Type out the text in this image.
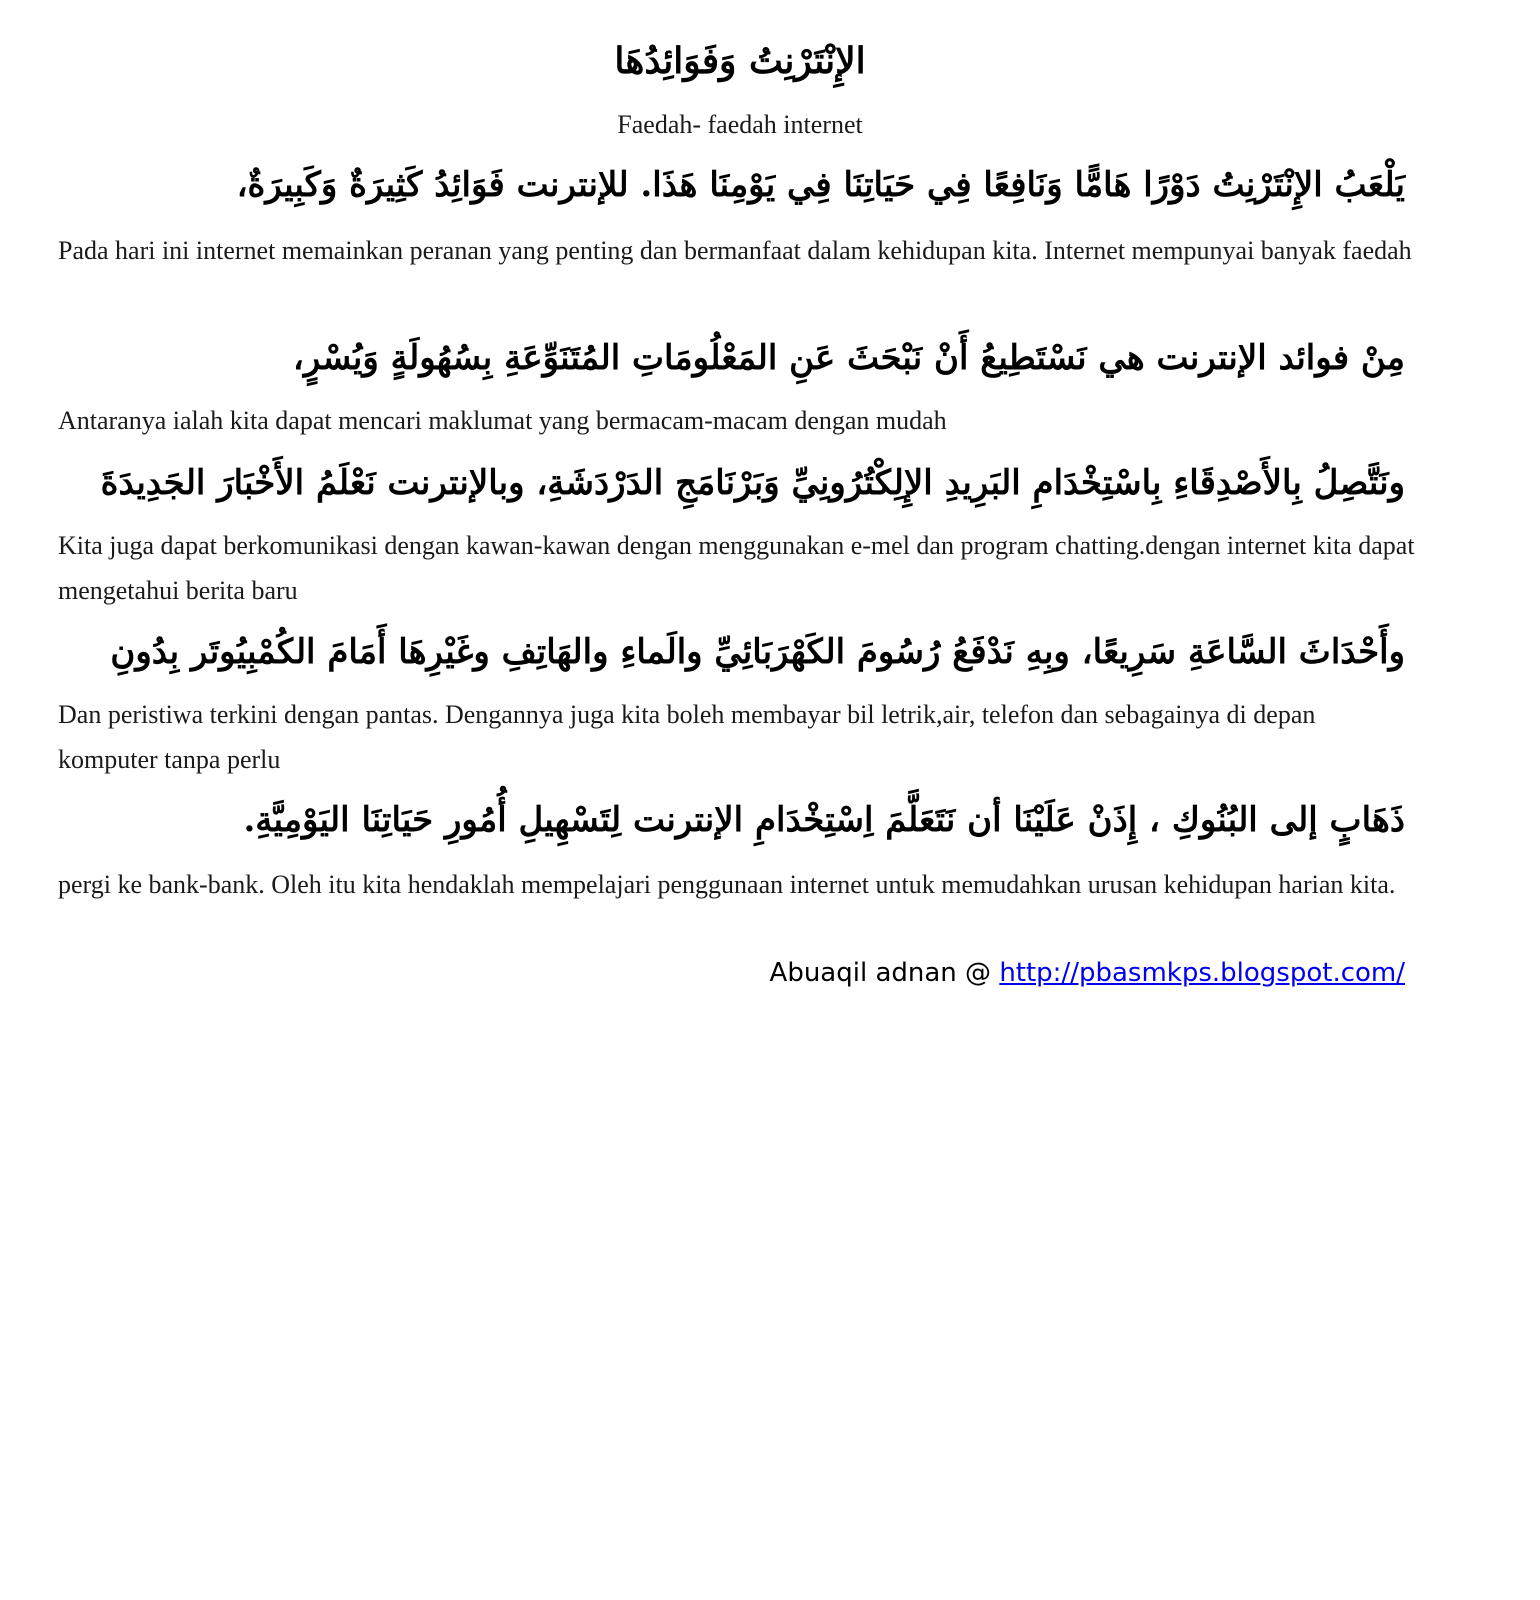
الإِنْتَرْنِتُ وَفَوَائِدُهَا
Faedah- faedah internet
يَلْعَبُ الإِنْتَرْنِتُ دَوْرًا هَامًّا وَنَافِعًا فِي حَيَاتِنَا فِي يَوْمِنَا هَذَا. للإنترنت فَوَائِدُ كَثِيرَةٌ وَكَبِيرَةٌ،
Pada hari ini internet memainkan peranan yang penting dan bermanfaat dalam kehidupan kita. Internet mempunyai banyak faedah
مِنْ فوائد الإنترنت هي نَسْتَطِيعُ أَنْ نَبْحَثَ عَنِ المَعْلُومَاتِ المُتَنَوِّعَةِ بِسُهُولَةٍ وَيُسْرٍ،
Antaranya ialah kita dapat mencari maklumat yang bermacam-macam dengan mudah
ونَتَّصِلُ بِالأَصْدِقَاءِ بِاسْتِخْدَامِ البَرِيدِ الإِلِكْتُرُونِيِّ وَبَرْنَامَجِ الدَرْدَشَةِ، وبالإنترنت نَعْلَمُ الأَخْبَارَ الجَدِيدَةَ
Kita juga dapat berkomunikasi dengan kawan-kawan dengan menggunakan e-mel dan program chatting.dengan internet kita dapat mengetahui berita baru
وأَحْدَاثَ السَّاعَةِ سَرِيعًا، وبِهِ نَدْفَعُ رُسُومَ الكَهْرَبَائِيِّ والَماءِ والهَاتِفِ وغَيْرِهَا أَمَامَ الكُمْبِيُوتَر بِدُونِ
Dan peristiwa terkini dengan pantas. Dengannya juga kita boleh membayar bil letrik,air, telefon dan sebagainya di depan komputer tanpa perlu
ذَهَابٍ إلى البُنُوكِ ، إِذَنْ عَلَيْنَا أن نَتَعَلَّمَ اِسْتِخْدَامِ الإنترنت لِتَسْهِيلِ أُمُورِ حَيَاتِنَا اليَوْمِيَّةِ.
pergi ke bank-bank. Oleh itu kita hendaklah mempelajari penggunaan internet untuk memudahkan urusan kehidupan harian kita.
Abuaqil adnan @ http://pbasmkps.blogspot.com/
